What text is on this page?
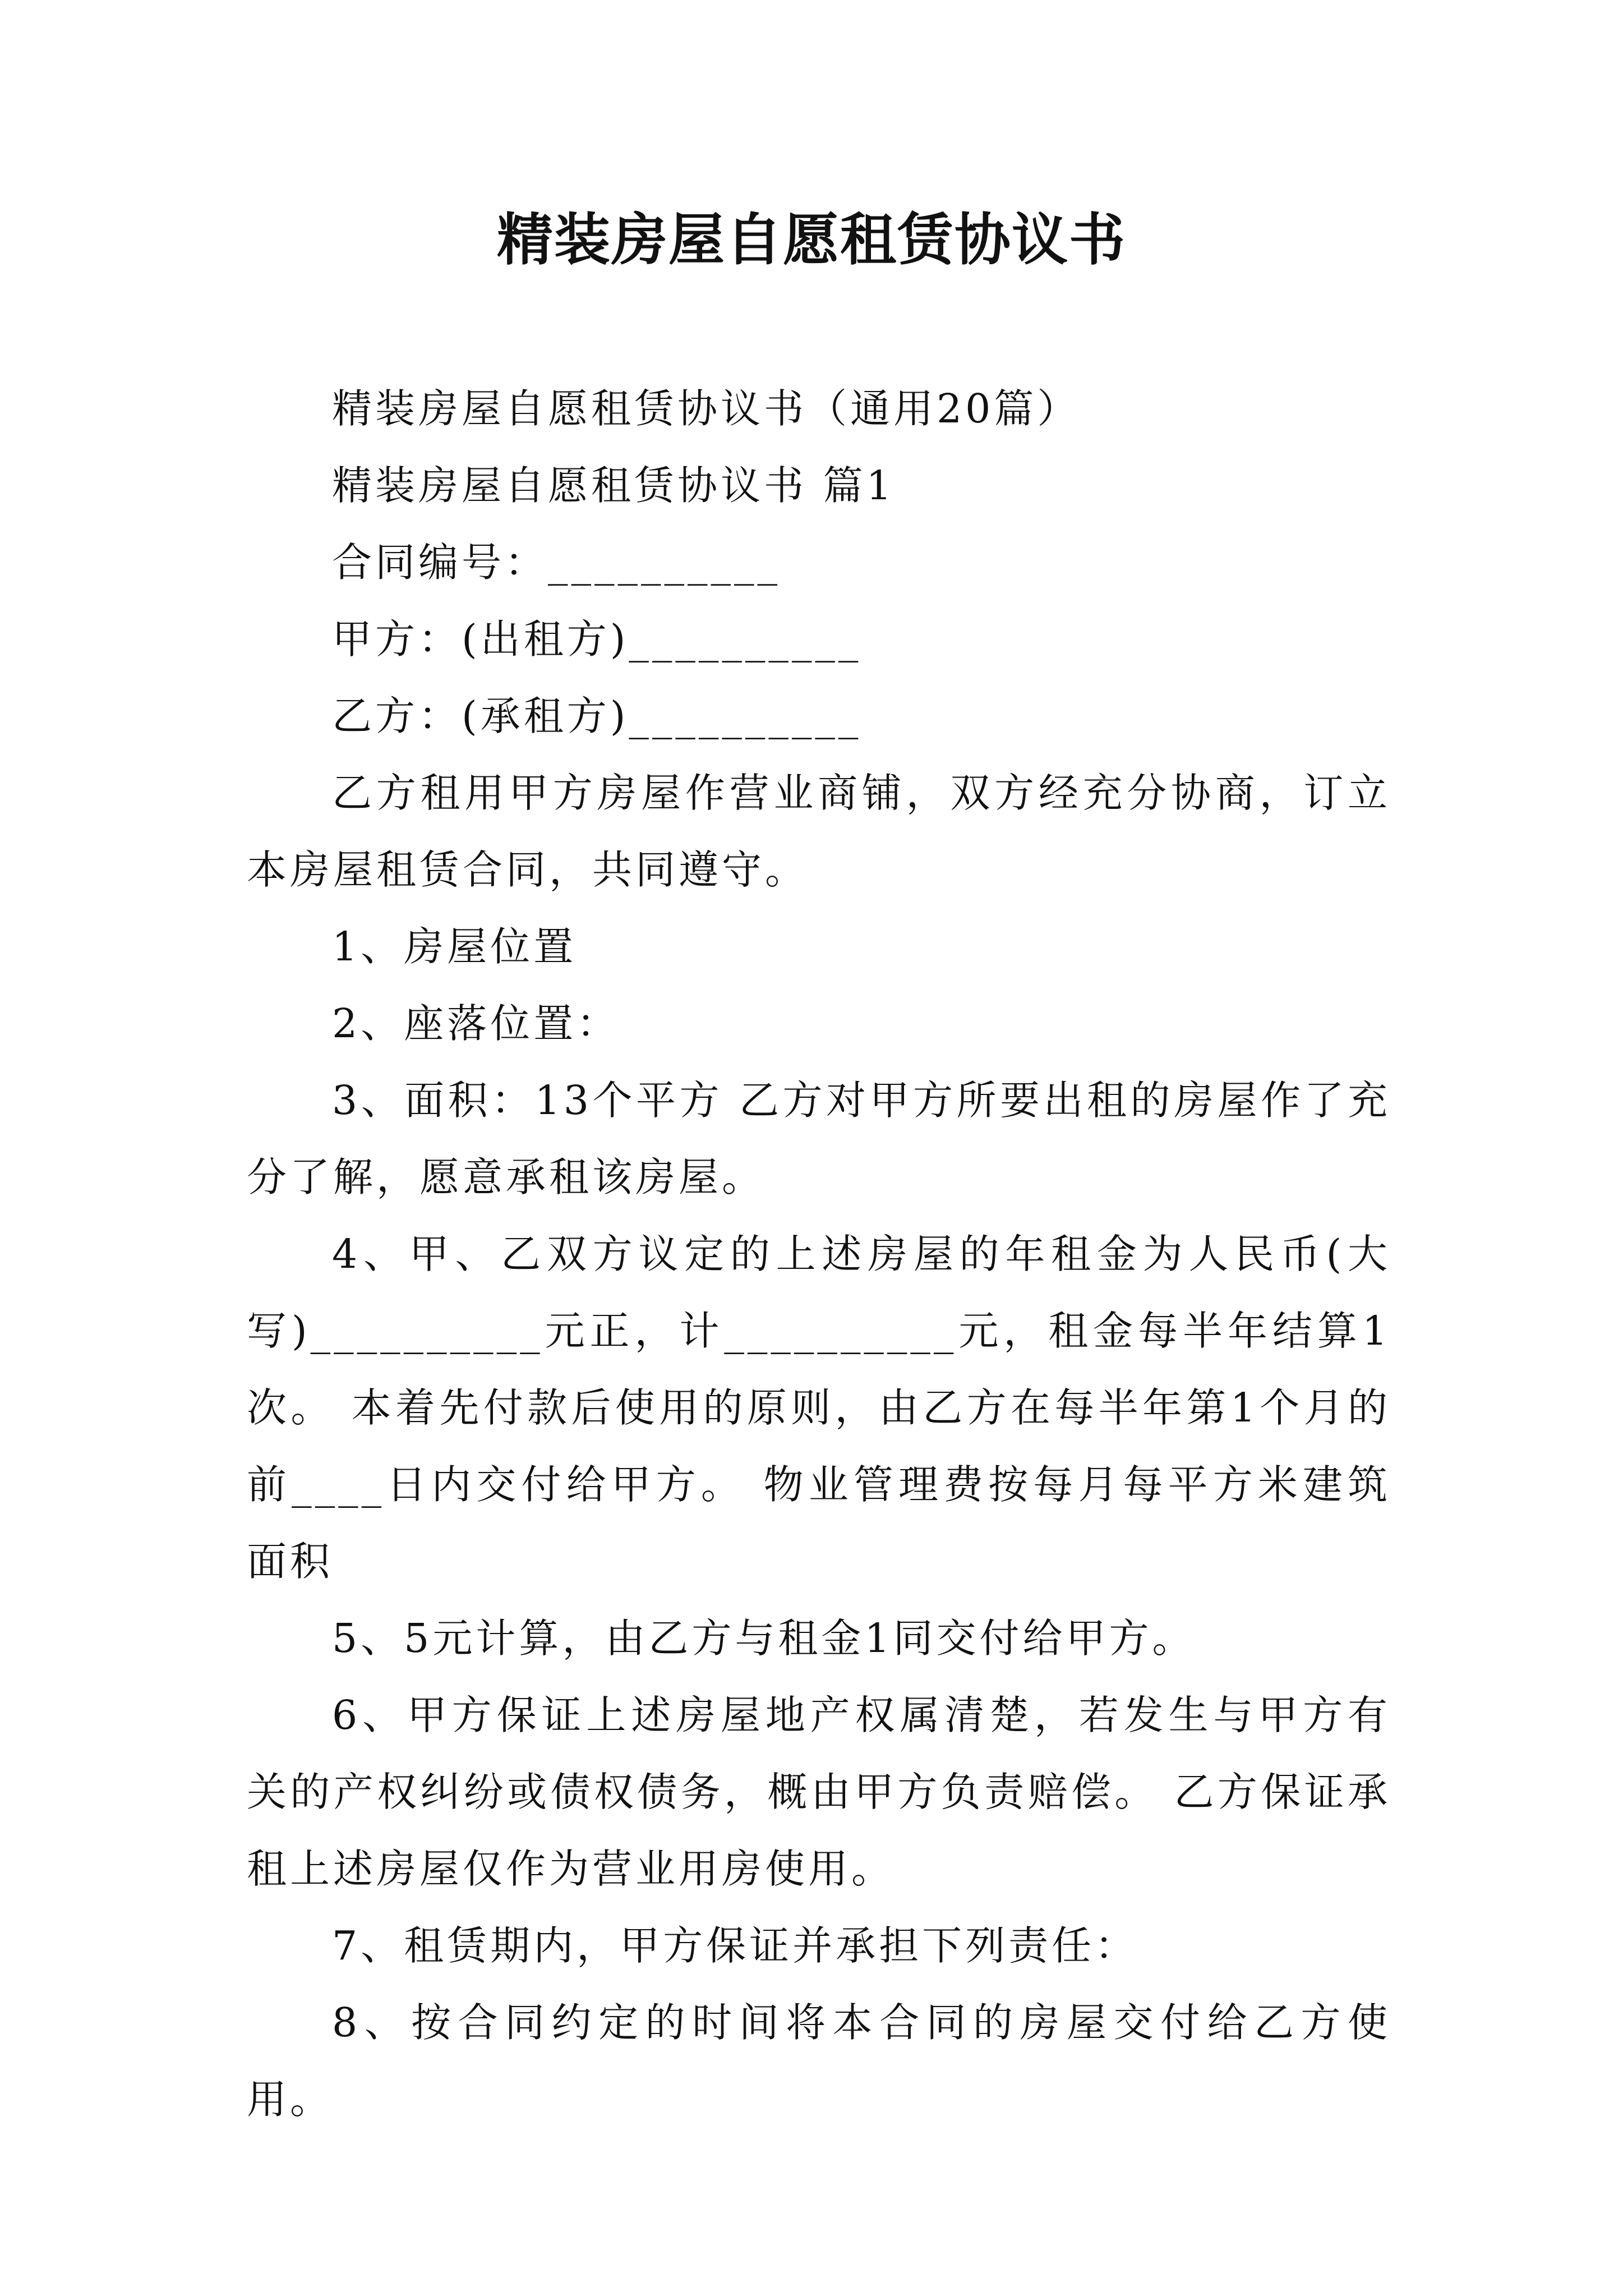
精装房屋自愿租赁协议书

精装房屋自愿租赁协议书（通用20篇）

精装房屋自愿租赁协议书 篇1

合同编号：__________

甲方：(出租方)__________

乙方：(承租方)__________

乙方租用甲方房屋作营业商铺，双方经充分协商，订立本房屋租赁合同，共同遵守。

1、房屋位置

2、座落位置：

3、面积：13个平方 乙方对甲方所要出租的房屋作了充分了解，愿意承租该房屋。

4、甲、乙双方议定的上述房屋的年租金为人民币(大写)__________元正，计__________元，租金每半年结算1次。 本着先付款后使用的原则，由乙方在每半年第1个月的前____日内交付给甲方。 物业管理费按每月每平方米建筑面积

5、5元计算，由乙方与租金1同交付给甲方。

6、甲方保证上述房屋地产权属清楚，若发生与甲方有关的产权纠纷或债权债务，概由甲方负责赔偿。 乙方保证承租上述房屋仅作为营业用房使用。

7、租赁期内，甲方保证并承担下列责任：

8、按合同约定的时间将本合同的房屋交付给乙方使用。
